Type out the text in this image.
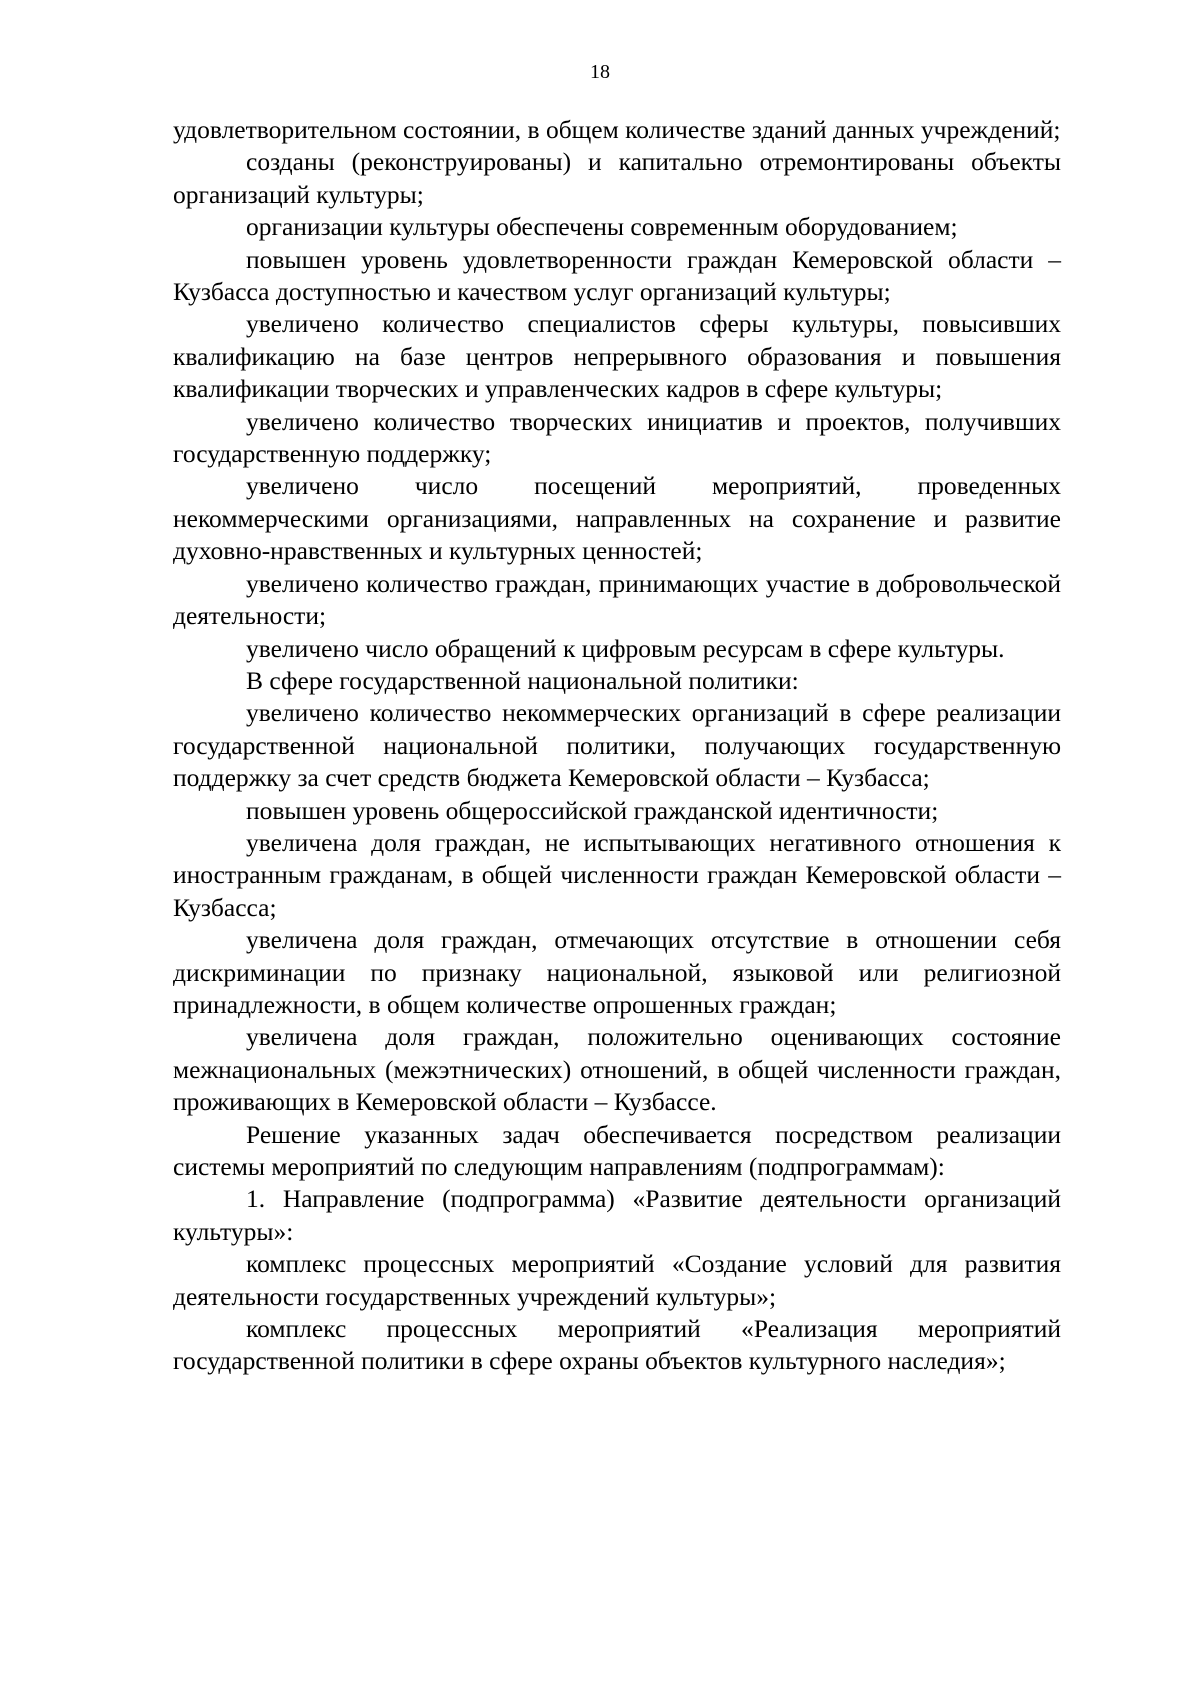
18

удовлетворительном состоянии, в общем количестве зданий данных учреждений;

созданы (реконструированы) и капитально отремонтированы объекты организаций культуры;

организации культуры обеспечены современным оборудованием;

повышен уровень удовлетворенности граждан Кемеровской области – Кузбасса доступностью и качеством услуг организаций культуры;

увеличено количество специалистов сферы культуры, повысивших квалификацию на базе центров непрерывного образования и повышения квалификации творческих и управленческих кадров в сфере культуры;

увеличено количество творческих инициатив и проектов, получивших государственную поддержку;

увеличено число посещений мероприятий, проведенных некоммерческими организациями, направленных на сохранение и развитие духовно-нравственных и культурных ценностей;

увеличено количество граждан, принимающих участие в добровольческой деятельности;

увеличено число обращений к цифровым ресурсам в сфере культуры.

В сфере государственной национальной политики:

увеличено количество некоммерческих организаций в сфере реализации государственной национальной политики, получающих государственную поддержку за счет средств бюджета Кемеровской области – Кузбасса;

повышен уровень общероссийской гражданской идентичности;

увеличена доля граждан, не испытывающих негативного отношения к иностранным гражданам, в общей численности граждан Кемеровской области – Кузбасса;

увеличена доля граждан, отмечающих отсутствие в отношении себя дискриминации по признаку национальной, языковой или религиозной принадлежности, в общем количестве опрошенных граждан;

увеличена доля граждан, положительно оценивающих состояние межнациональных (межэтнических) отношений, в общей численности граждан, проживающих в Кемеровской области – Кузбассе.

Решение указанных задач обеспечивается посредством реализации системы мероприятий по следующим направлениям (подпрограммам):

1. Направление (подпрограмма) «Развитие деятельности организаций культуры»:

комплекс процессных мероприятий «Создание условий для развития деятельности государственных учреждений культуры»;

комплекс процессных мероприятий «Реализация мероприятий государственной политики в сфере охраны объектов культурного наследия»;
